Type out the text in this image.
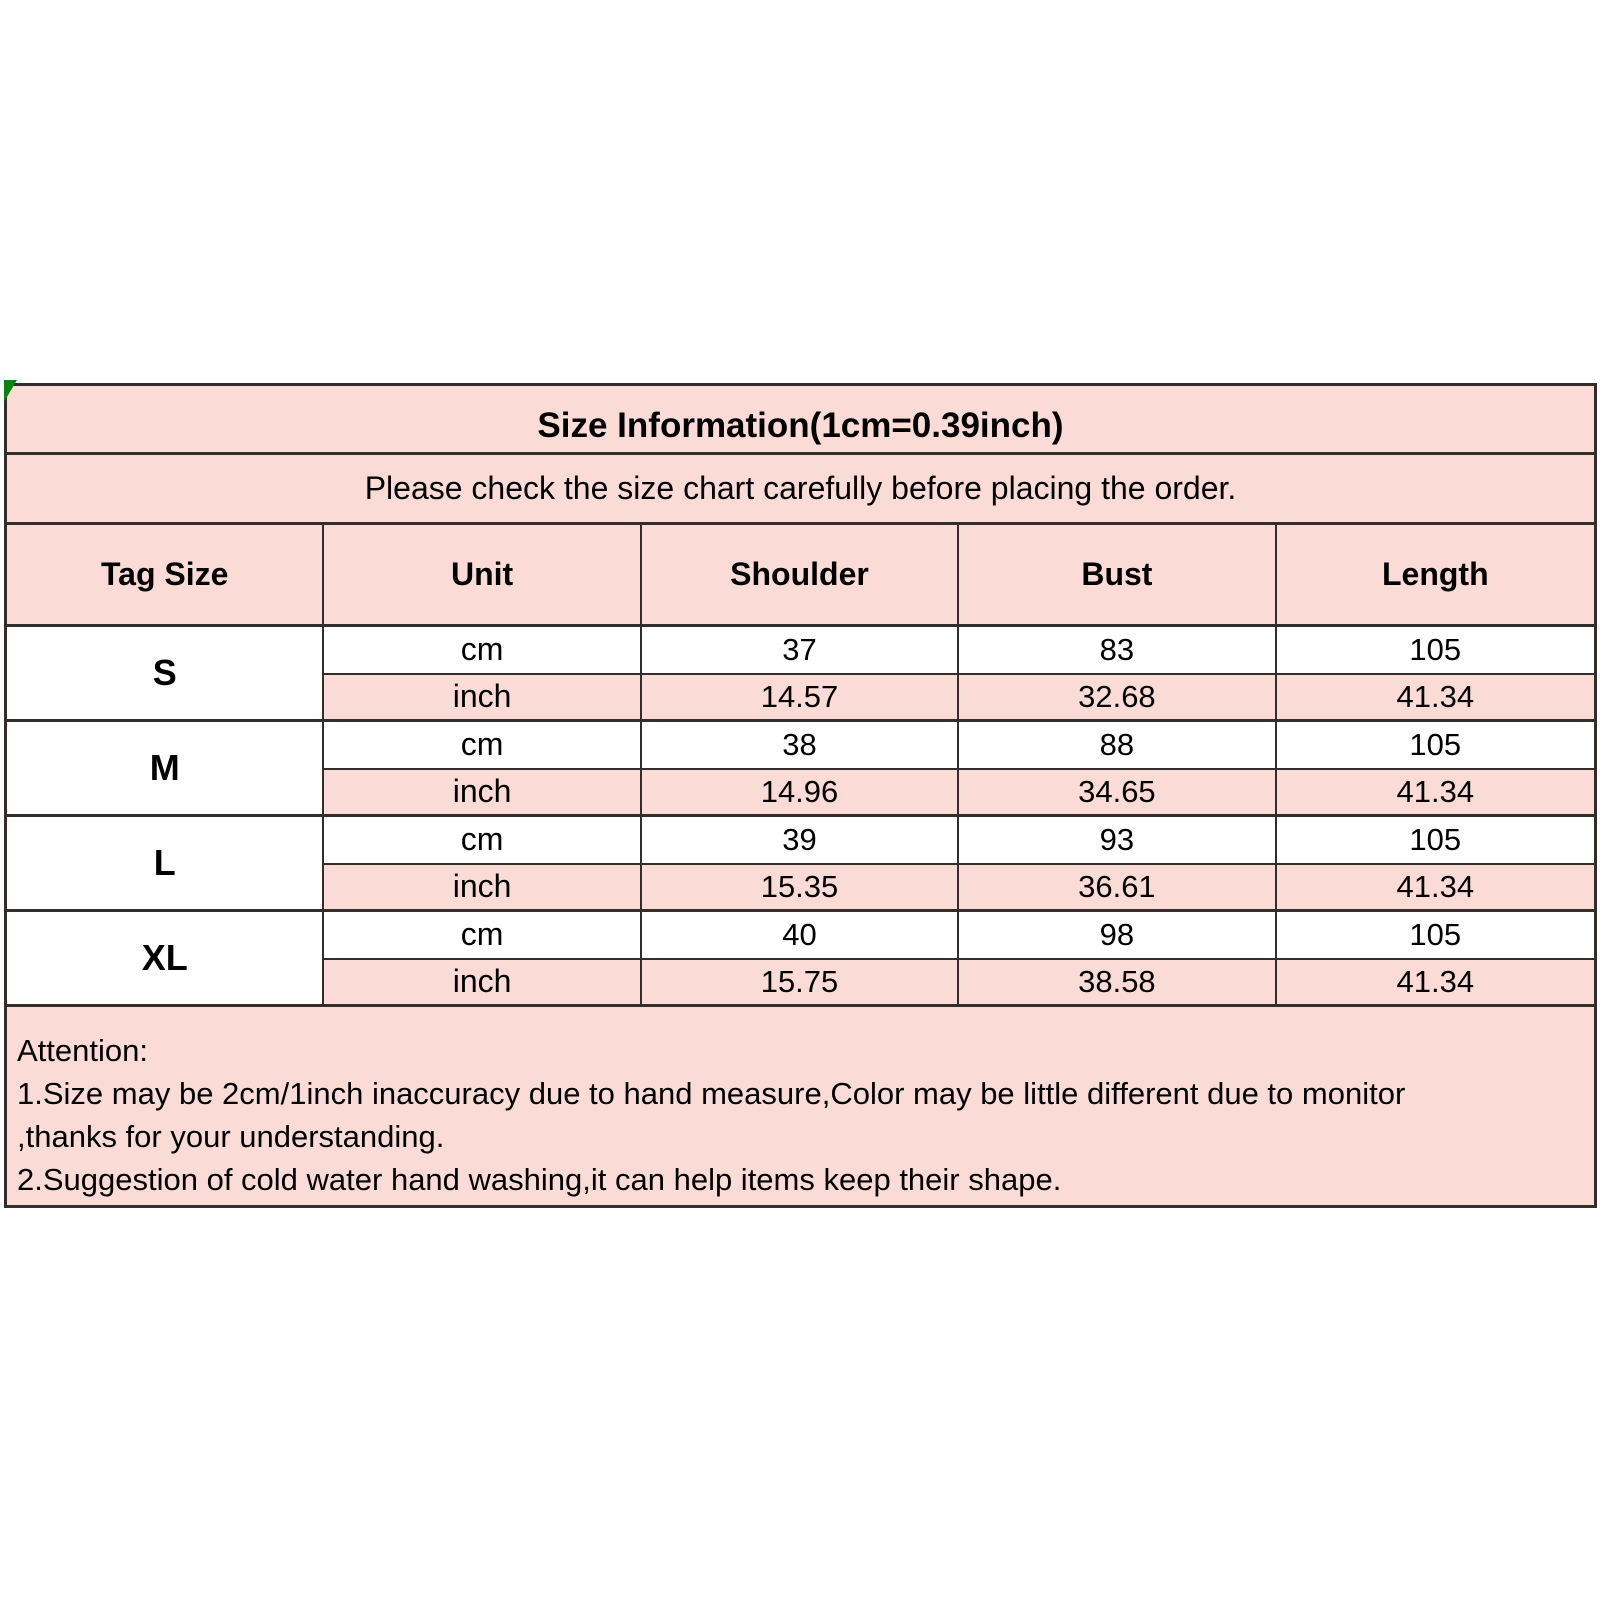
Size Information(1cm=0.39inch)
Please check the size chart carefully before placing the order.
Tag Size	Unit	Shoulder	Bust	Length
S
cm	37	83	105
inch	14.57	32.68	41.34
M
cm	38	88	105
inch	14.96	34.65	41.34
L
cm	39	93	105
inch	15.35	36.61	41.34
XL
cm	40	98	105
inch	15.75	38.58	41.34
Attention:
1.Size may be 2cm/1inch inaccuracy due to hand measure,Color may be little different due to monitor
,thanks for your understanding.
2.Suggestion of cold water hand washing,it can help items keep their shape.
